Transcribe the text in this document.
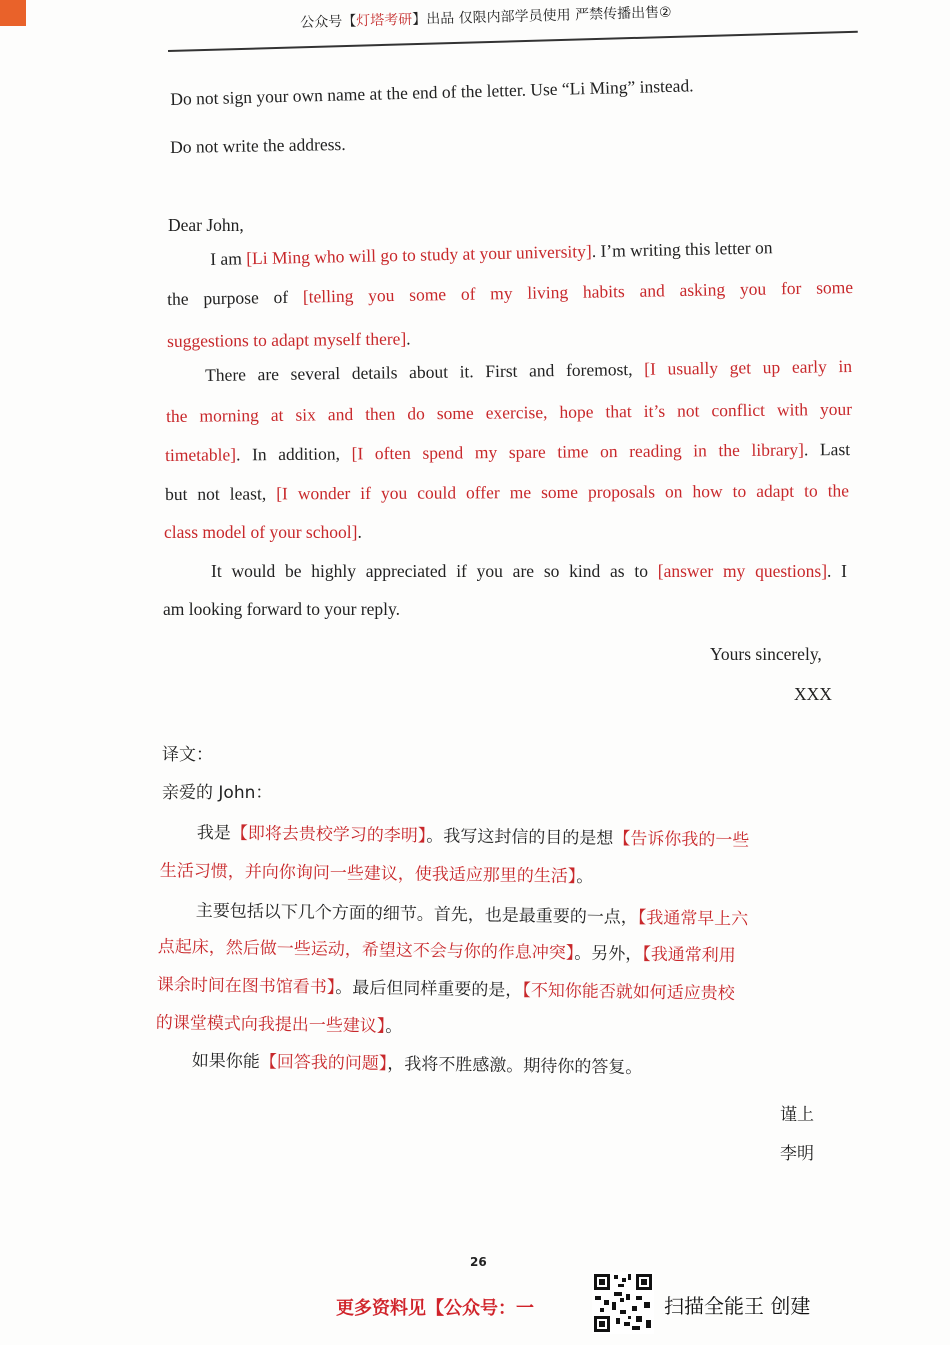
公众号【灯塔考研】出品 仅限内部学员使用 严禁传播出售②
Do not sign your own name at the end of the letter. Use “Li Ming” instead.
Do not write the address.
Dear John,
I am [Li Ming who will go to study at your university]. I’m writing this letter on
the purpose of [telling you some of my living habits and asking you for some
suggestions to adapt myself there].
There are several details about it. First and foremost, [I usually get up early in
the morning at six and then do some exercise, hope that it’s not conflict with your
timetable]. In addition, [I often spend my spare time on reading in the library]. Last
but not least, [I wonder if you could offer me some proposals on how to adapt to the
class model of your school].
It would be highly appreciated if you are so kind as to [answer my questions]. I
am looking forward to your reply.
Yours sincerely,
XXX
译文：
亲爱的 John：
我是【即将去贵校学习的李明】。我写这封信的目的是想【告诉你我的一些
生活习惯，并向你询问一些建议，使我适应那里的生活】。
主要包括以下几个方面的细节。首先，也是最重要的一点，【我通常早上六
点起床，然后做一些运动，希望这不会与你的作息冲突】。另外，【我通常利用
课余时间在图书馆看书】。最后但同样重要的是，【不知你能否就如何适应贵校
的课堂模式向我提出一些建议】。
如果你能【回答我的问题】，我将不胜感激。期待你的答复。
谨上
李明
26
更多资料见【公众号：一	扫描全能王 创建
